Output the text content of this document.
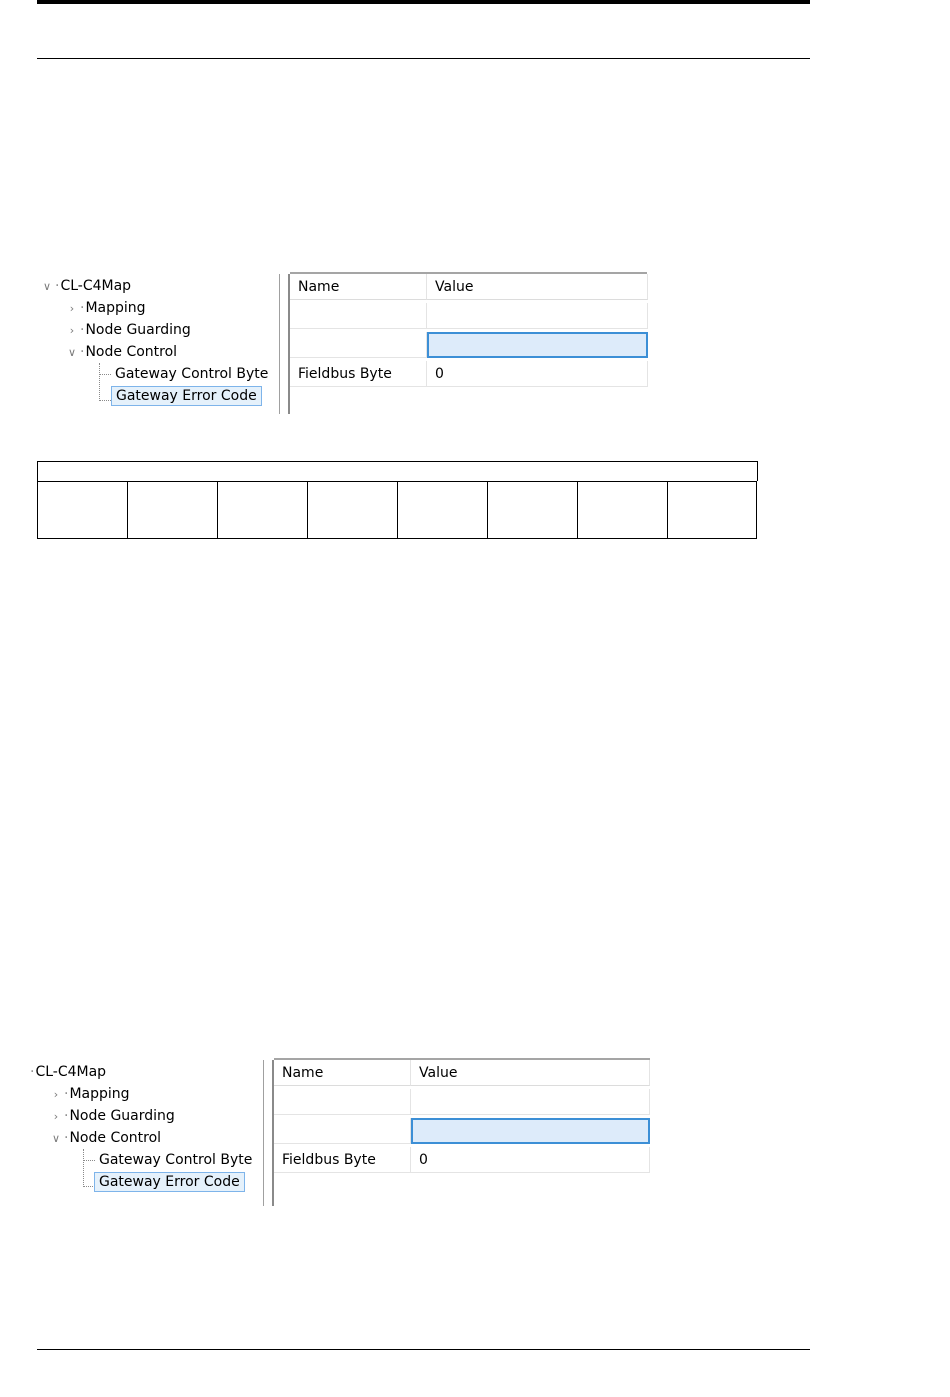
∨ · CL-C4Map
› · Mapping
› · Node Guarding
∨ · Node Control
Gateway Control Byte
Gateway Error Code
Name	Value
Fieldbus Byte	0
· CL-C4Map
› · Mapping
› · Node Guarding
∨ · Node Control
Gateway Control Byte
Gateway Error Code
Name	Value
Fieldbus Byte	0
